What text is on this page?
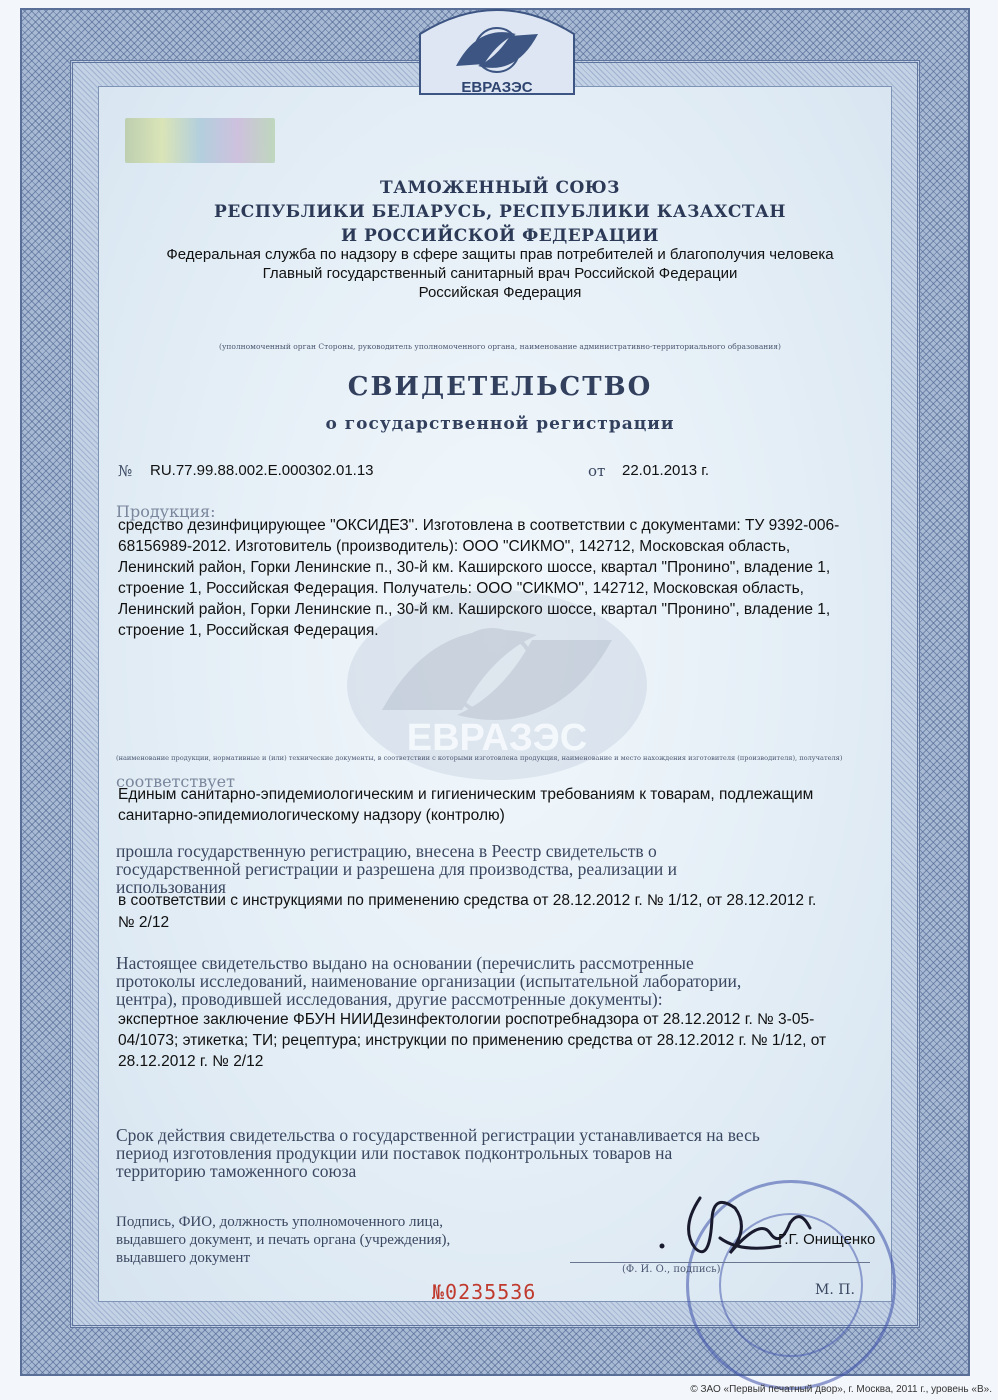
ЕВРАЗЭС
ЕВРАЗЭС

ТАМОЖЕННЫЙ СОЮЗ

РЕСПУБЛИКИ БЕЛАРУСЬ, РЕСПУБЛИКИ КАЗАХСТАН

И РОССИЙСКОЙ ФЕДЕРАЦИИ

Федеральная служба по надзору в сфере защиты прав потребителей и благополучия человека

Главный государственный санитарный врач Российской Федерации

Российская Федерация

(уполномоченный орган Стороны, руководитель уполномоченного органа, наименование административно-территориального образования)

СВИДЕТЕЛЬСТВО

о государственной регистрации

№ RU.77.99.88.002.Е.000302.01.13	от 22.01.2013 г.

Продукция:

средство дезинфицирующее "ОКСИДЕЗ". Изготовлена в соответствии с документами: ТУ 9392-006-

68156989-2012. Изготовитель (производитель): ООО "СИКМО", 142712, Московская область,

Ленинский район, Горки Ленинские п., 30-й км. Каширского шоссе, квартал "Пронино", владение 1,

строение 1, Российская Федерация. Получатель: ООО "СИКМО", 142712, Московская область,

Ленинский район, Горки Ленинские п., 30-й км. Каширского шоссе, квартал "Пронино", владение 1,

строение 1, Российская Федерация.

(наименование продукции, нормативные и (или) технические документы, в соответствии с которыми изготовлена продукция, наименование и место нахождения изготовителя (производителя), получателя)

соответствует

Единым санитарно-эпидемиологическим и гигиеническим требованиям к товарам, подлежащим

санитарно-эпидемиологическому надзору (контролю)

прошла государственную регистрацию, внесена в Реестр свидетельств о

государственной регистрации и разрешена для производства, реализации и

использования

в соответствии с инструкциями по применению средства от 28.12.2012 г. № 1/12, от 28.12.2012 г.

№ 2/12

Настоящее свидетельство выдано на основании (перечислить рассмотренные

протоколы исследований, наименование организации (испытательной лаборатории,

центра), проводившей исследования, другие рассмотренные документы):

экспертное заключение ФБУН НИИДезинфектологии роспотребнадзора от 28.12.2012 г. № 3-05-

04/1073; этикетка; ТИ; рецептура; инструкции по применению средства от 28.12.2012 г. № 1/12, от

28.12.2012 г. № 2/12

Срок действия свидетельства о государственной регистрации устанавливается на весь

период изготовления продукции или поставок подконтрольных товаров на

территорию таможенного союза

Подпись, ФИО, должность уполномоченного лица,

выдавшего документ, и печать органа (учреждения),

выдавшего документ

Г.Г. Онищенко

(Ф. И. О., подпись)

М. П.

№0235536

© ЗАО «Первый печатный двор», г. Москва, 2011 г., уровень «В».
